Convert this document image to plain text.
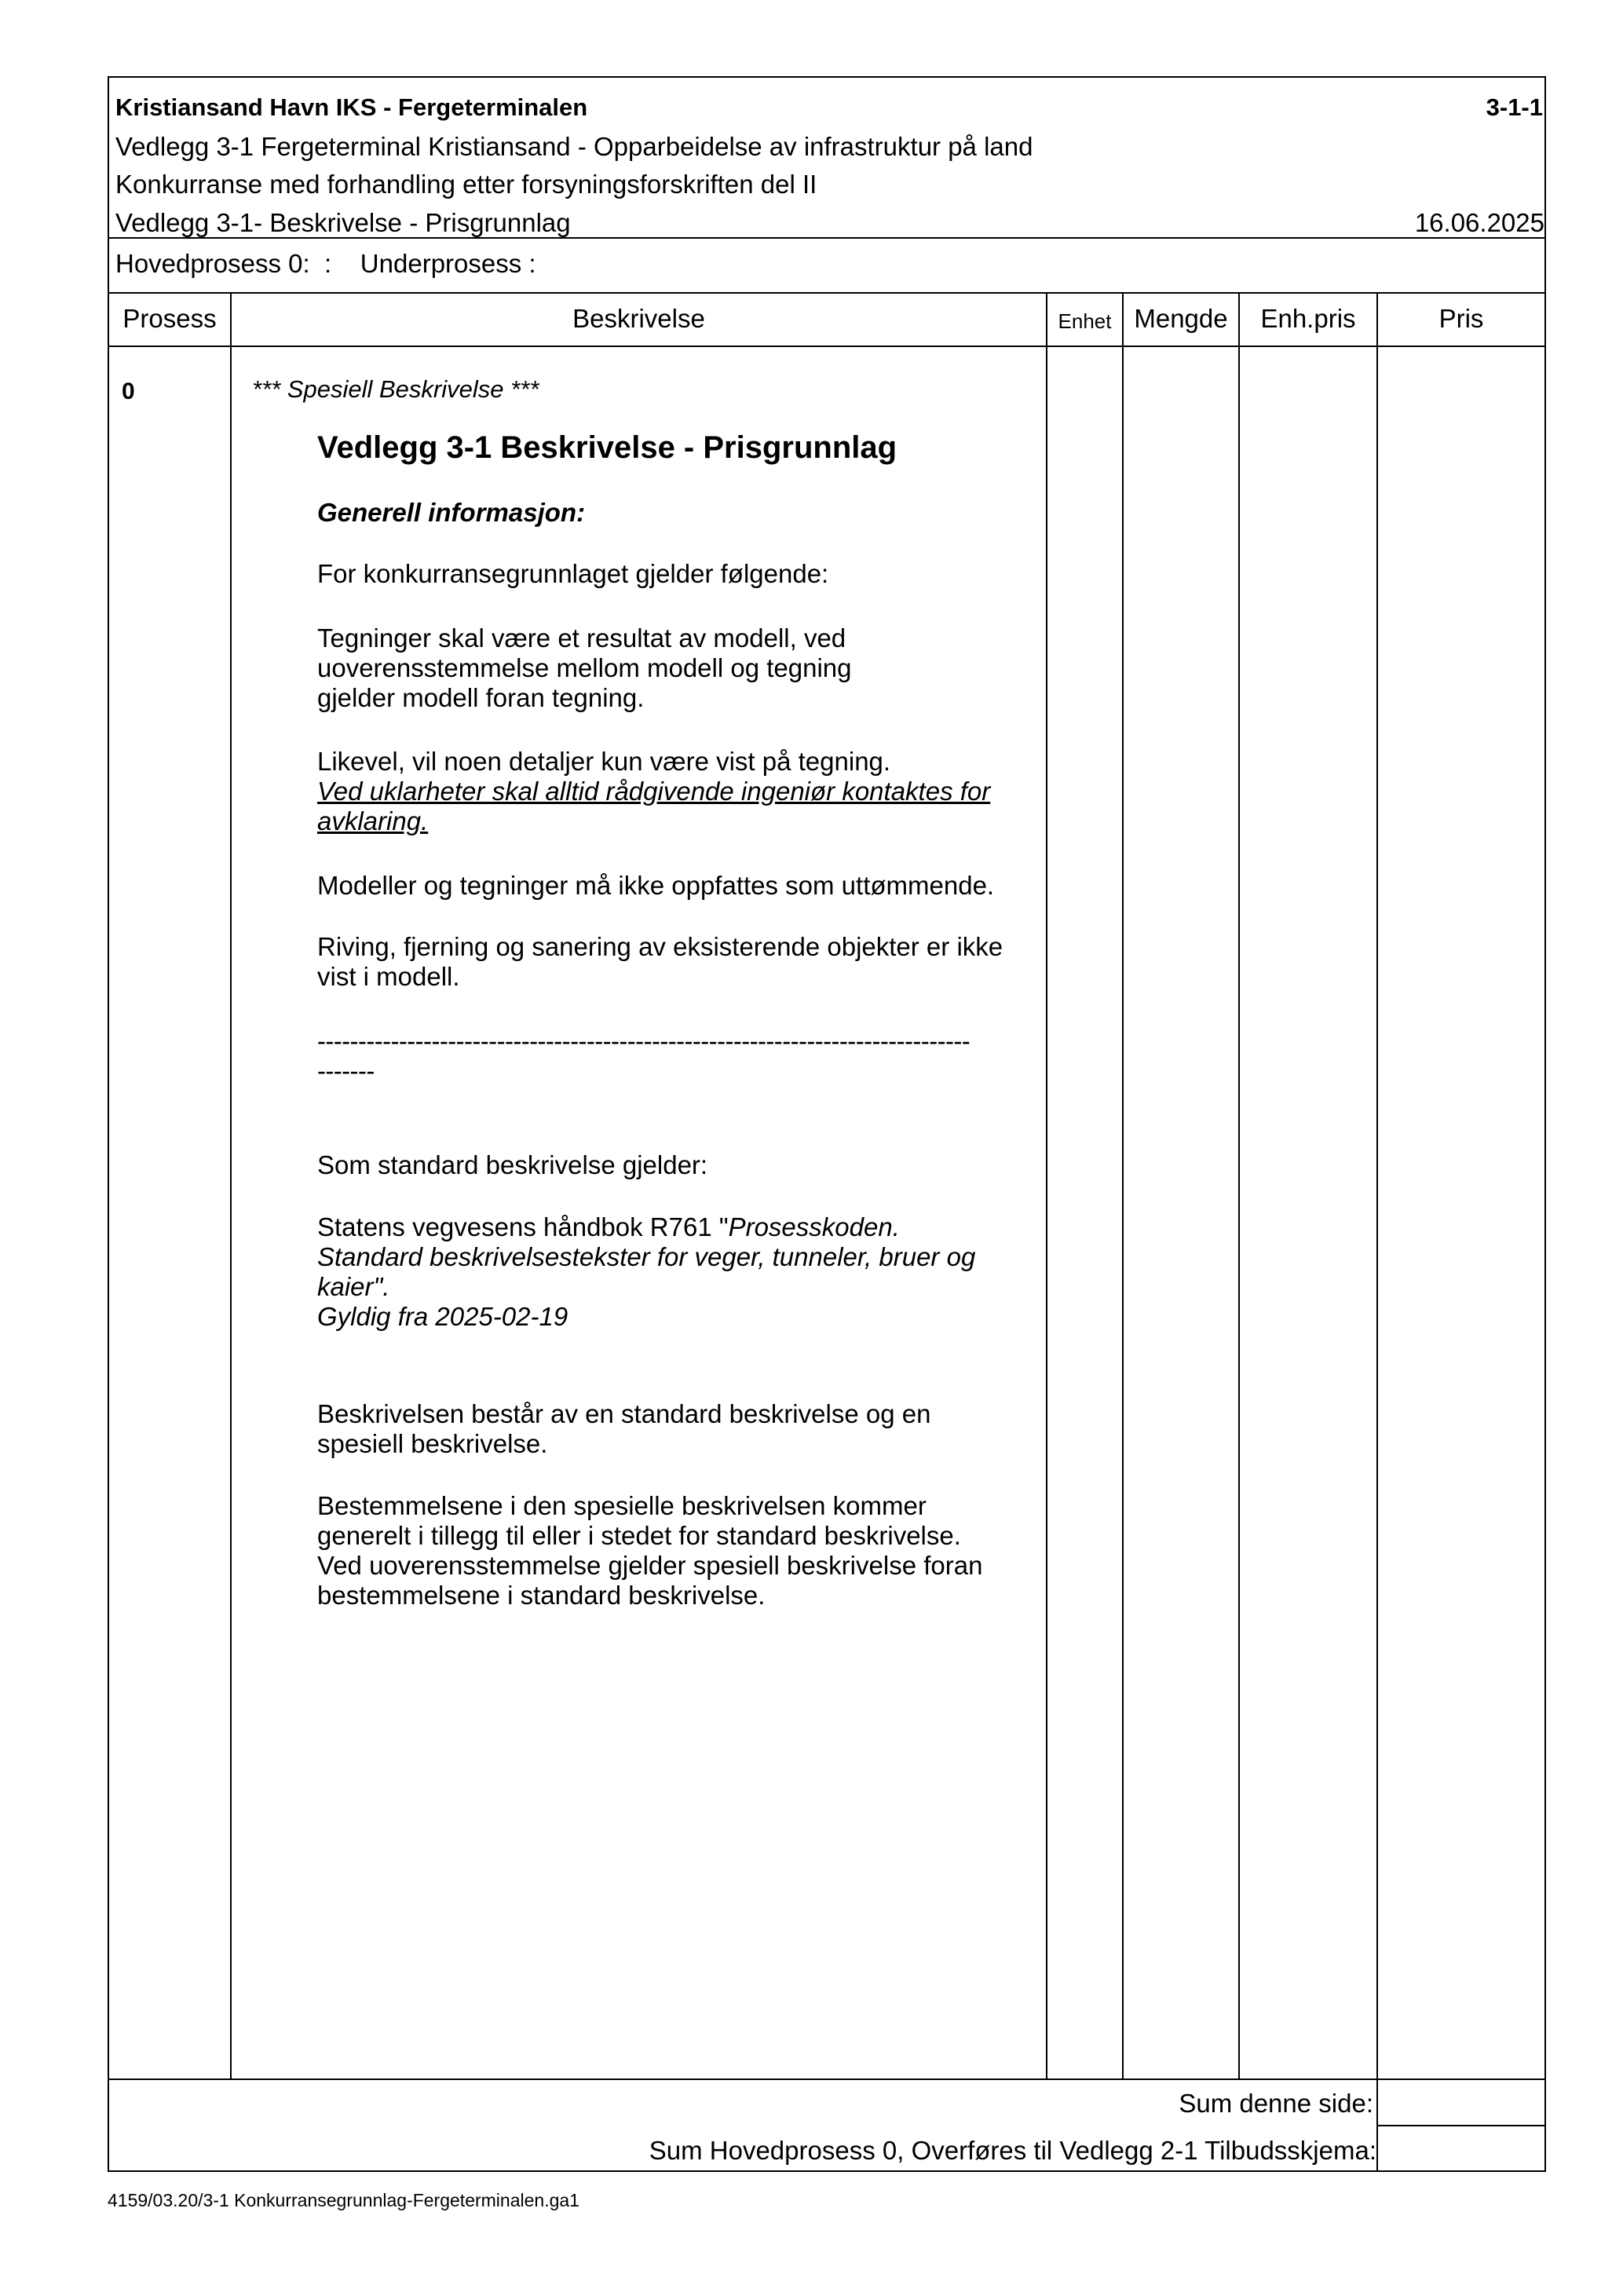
Kristiansand Havn IKS - Fergeterminalen	3-1-1
Vedlegg 3-1 Fergeterminal Kristiansand - Opparbeidelse av infrastruktur på land
Konkurranse med forhandling etter forsyningsforskriften del II
Vedlegg 3-1- Beskrivelse - Prisgrunnlag	16.06.2025
Hovedprosess 0:  :    Underprosess :
Prosess	Beskrivelse	Enhet Mengde	Enh.pris	Pris
0	*** Spesiell Beskrivelse ***
Vedlegg 3-1 Beskrivelse - Prisgrunnlag
Generell informasjon:
For konkurransegrunnlaget gjelder følgende:
Tegninger skal være et resultat av modell, ved
uoverensstemmelse mellom modell og tegning
gjelder modell foran tegning.
Likevel, vil noen detaljer kun være vist på tegning.
Ved uklarheter skal alltid rådgivende ingeniør kontaktes for
avklaring.
Modeller og tegninger må ikke oppfattes som uttømmende.
Riving, fjerning og sanering av eksisterende objekter er ikke
vist i modell.
--------------------------------------------------------------------------------
-------
Som standard beskrivelse gjelder:
Statens vegvesens håndbok R761 "Prosesskoden.
Standard beskrivelsestekster for veger, tunneler, bruer og
kaier".
Gyldig fra 2025-02-19
Beskrivelsen består av en standard beskrivelse og en
spesiell beskrivelse.
Bestemmelsene i den spesielle beskrivelsen kommer
generelt i tillegg til eller i stedet for standard beskrivelse.
Ved uoverensstemmelse gjelder spesiell beskrivelse foran
bestemmelsene i standard beskrivelse.
Sum denne side:
Sum Hovedprosess 0, Overføres til Vedlegg 2-1 Tilbudsskjema:
4159/03.20/3-1 Konkurransegrunnlag-Fergeterminalen.ga1
